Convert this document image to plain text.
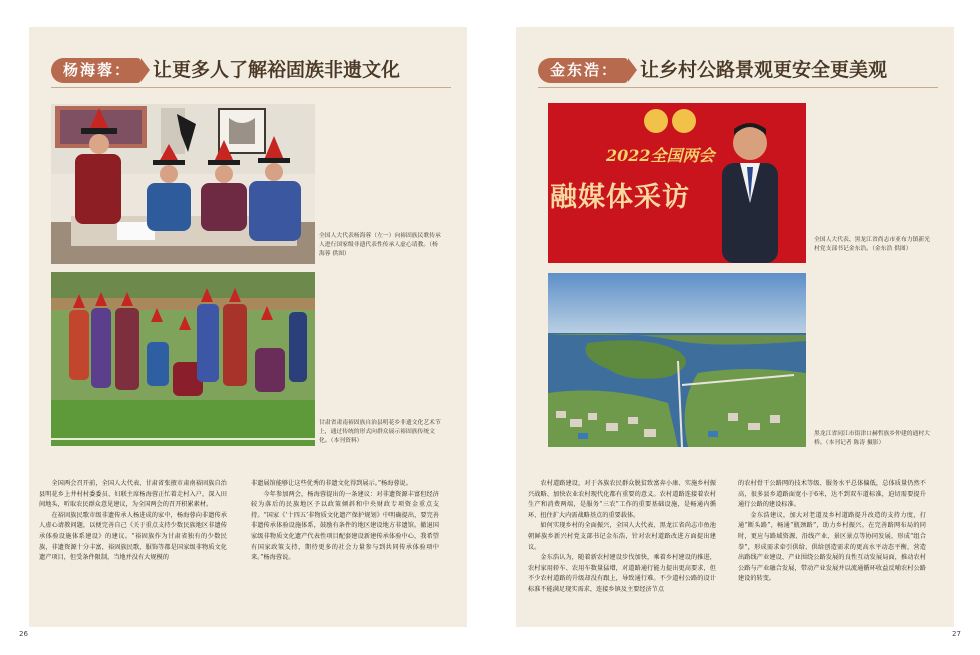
杨海蓉：	让更多人了解裕固族非遗文化
全国人大代表杨海蓉（左一）向裕固族民歌传承人进行国家级非遗代表性传承人虚心请教。（杨海蓉 供图）
甘肃省肃南裕固族自治县明花乡非遗文化艺术节上，通过传统的形式向群众展示裕固族传统文化。（本刊资料）

全国两会召开前，全国人大代表、甘肃省张掖市肃南裕固族自治县明花乡上井村村委委员、妇联主席杨海蓉正忙着走村入户，深入田间地头，听取农民群众意见建议，为全国两会的召开积累素材。

在裕固族民歌市级非遗传承人杨进成的家中，杨海蓉向非遗传承人虚心请教问题，以便完善自己《关于重点支持少数民族地区非遗传承体验设施体系建设》的建议。“裕固族作为甘肃省独有的少数民族，非遗资源十分丰富，裕固族民歌、服饰等都是国家级非物质文化遗产项目，但受条件限制，当地并没有大规模的

非遗展馆能够让这些优秀的非遗文化得到展示。”杨海蓉说。

今年参加两会，杨海蓉提出的一条建议：对非遗资源丰富但经济较为落后的民族地区予以政策倾斜和中央财政专项资金重点支持。“国家《‘十四五’非物质文化遗产保护规划》中明确提出，要完善非遗传承体验设施体系，鼓励有条件的地区建设地方非遗馆。撤退国家级非物质文化遗产代表性项目配套建设新建传承体验中心，我希望有国家政策支持，期待更多的社会力量参与到共同传承体验项中来。”杨海蓉说。

金东浩：	让乡村公路景观更安全更美观
2022全国两会
融媒体采访
全国人大代表、黑龙江省尚志市亚布力镇新光村党支部书记金东浩。（金东浩 供图）
黑龙江省同江市街津口赫哲族乡仲建的通村大桥。（本刊记者 陈涛 摄影）

农村道路建设，对于各族农民群众脱贫致富奔小康、实施乡村振兴战略、加快农业农村现代化都有重要的意义。农村道路连接着农村生产和消费两端，是服务“三农”工作的重要基础设施，是畅通内循环、扭住扩大内需战略基点的重要载体。

如何实现乡村的全面振兴，全国人大代表、黑龙江省尚志市鱼池朝鲜族乡新兴村党支部书记金东浩，针对农村道路改进方面提出建议。

金东浩认为，随着新农村建设步伐加快，乘着乡村建设的推进，农村家用轿车、农用车数量猛增，对道路通行能力提出更高要求，但不少农村道路的升级却没有跟上，导致通行难。不少道村公路的设计标准不能满足现实需求，连接乡镇及主要经济节点

的农村骨干公路网的技术等级、服务水平总体偏低，总体质量仍然不高，很多县乡道路面宽小于6米，达不到双车道标准，迫切需要提升通行公路的建设标准。

金东浩建议，加大对老道及乡村道路提升改造的支持力度，打通“断头路”，畅通“瓶颈路”，助力乡村振兴。在完善路网布局的同时，更应与路域资源、沿线产业、景区景点等协同发展，形成“组合拳”，形成需求牵引供给、供给创造需求的更高水平动态平衡，营造出路线产业建设、产业围绕公路发展的良性互动发展局面，推动农村公路与产业融合发展，带动产业发展并以流通循环收益反哺农村公路建设的转变。

26	27
